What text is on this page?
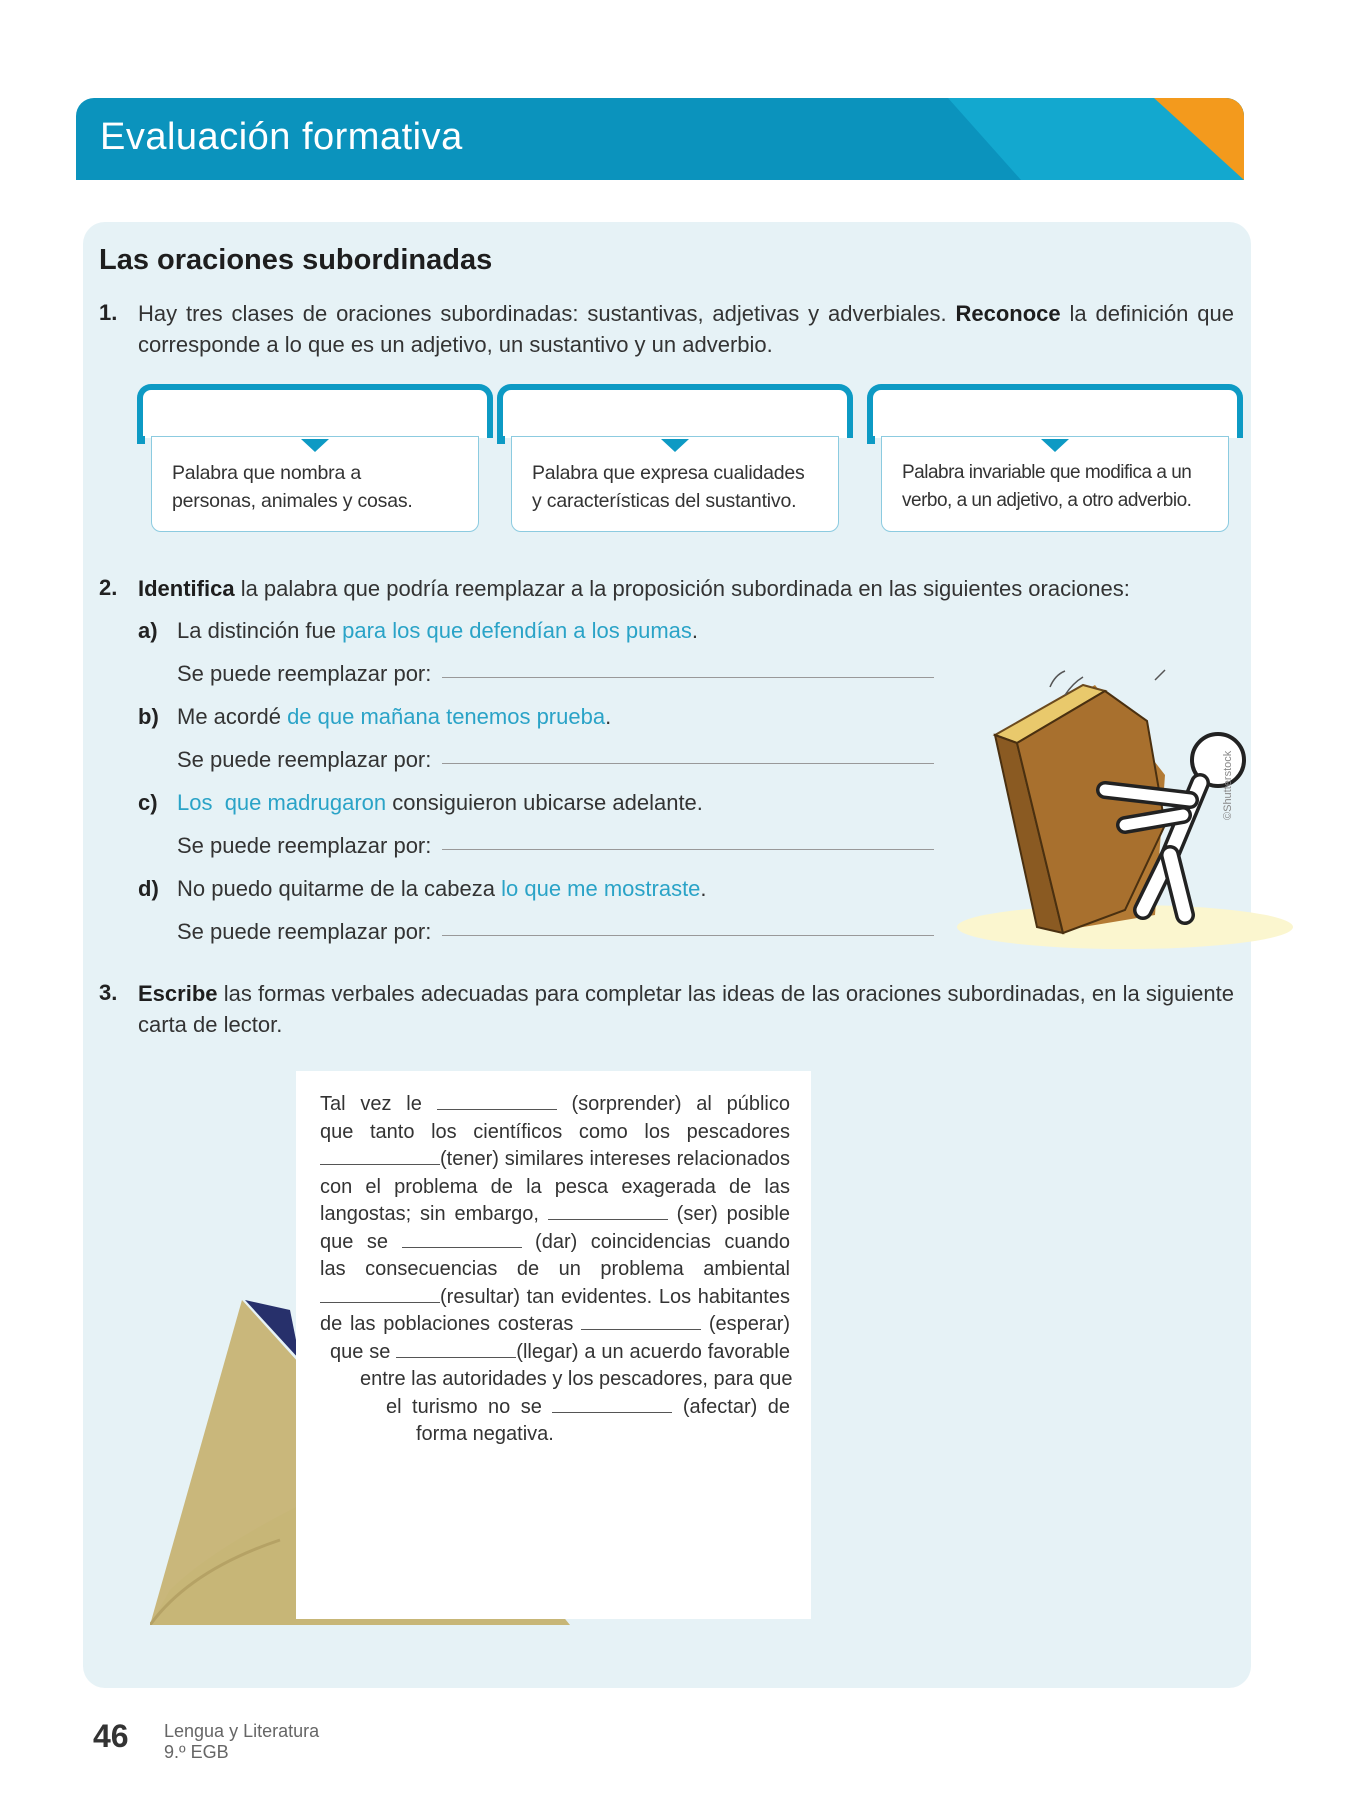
Evaluación formativa
DUA
Acción y expresión
Las oraciones subordinadas
1. Hay tres clases de oraciones subordinadas: sustantivas, adjetivas y adverbiales. Reconoce la definición que corresponde a lo que es un adjetivo, un sustantivo y un adverbio.
Palabra que nombra a
personas, animales y cosas.
Palabra que expresa cualidades
y características del sustantivo.
Palabra invariable que modifica a un
verbo, a un adjetivo, a otro adverbio.
2. Identifica la palabra que podría reemplazar a la proposición subordinada en las siguientes oraciones:
a) La distinción fue para los que defendían a los pumas.
Se puede reemplazar por:
b) Me acordé de que mañana tenemos prueba.
Se puede reemplazar por:
c) Los  que madrugaron consiguieron ubicarse adelante.
Se puede reemplazar por:
d) No puedo quitarme de la cabeza lo que me mostraste.
Se puede reemplazar por:
3. Escribe las formas verbales adecuadas para completar las ideas de las oraciones subordinadas, en la siguiente carta de lector.
©Shutterstock
Tal vez le	(sorprender) al público
que tanto los científicos como los pescadores
(tener) similares intereses relacionados
con el problema de la pesca exagerada de las
langostas; sin embargo,	(ser) posible
que se	(dar) coincidencias cuando
las consecuencias de un problema ambiental
(resultar) tan evidentes. Los habitantes
de las poblaciones costeras	(esperar)
que se	(llegar) a un acuerdo favorable
entre las autoridades y los pescadores, para que
el turismo no se	(afectar) de
forma negativa.
46 Lengua y Literatura
9.º EGB
